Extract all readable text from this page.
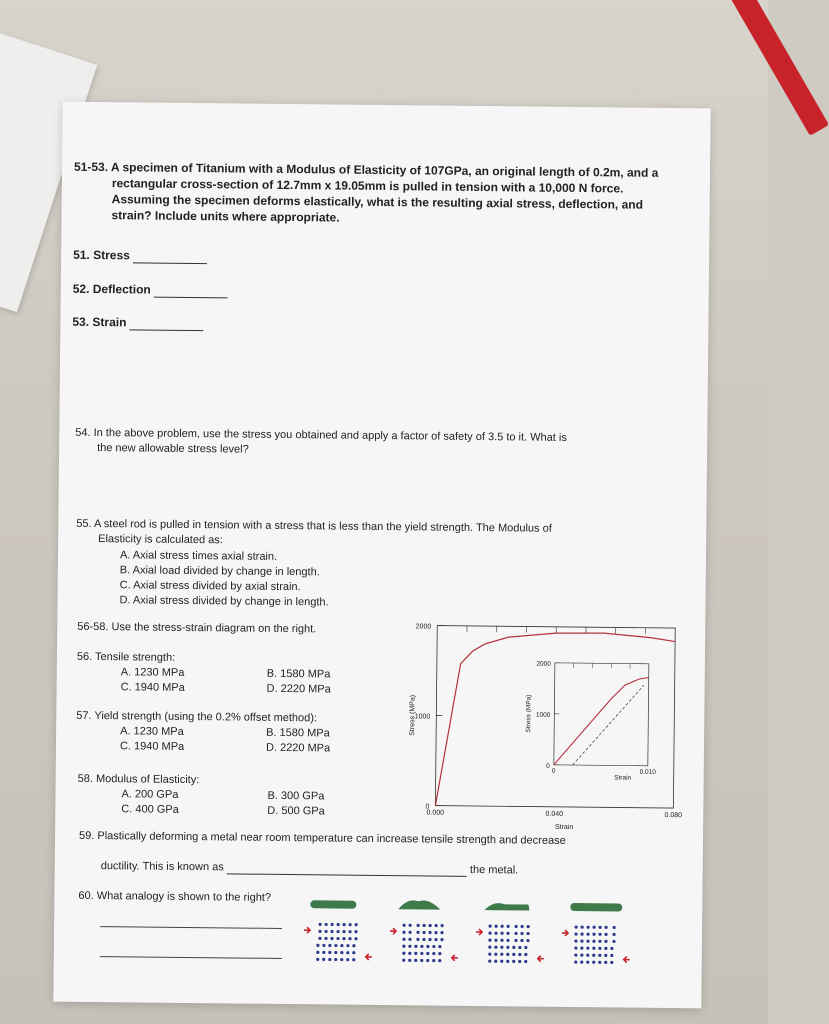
51-53. A specimen of Titanium with a Modulus of Elasticity of 107GPa, an original length of 0.2m, and a
rectangular cross-section of 12.7mm x 19.05mm is pulled in tension with a 10,000 N force.
Assuming the specimen deforms elastically, what is the resulting axial stress, deflection, and
strain? Include units where appropriate.
51. Stress
52. Deflection
53. Strain
54. In the above problem, use the stress you obtained and apply a factor of safety of 3.5 to it. What is
the new allowable stress level?
55. A steel rod is pulled in tension with a stress that is less than the yield strength. The Modulus of
Elasticity is calculated as:
A. Axial stress times axial strain.
B. Axial load divided by change in length.
C. Axial stress divided by axial strain.
D. Axial stress divided by change in length.
56-58. Use the stress-strain diagram on the right.
56. Tensile strength:
A. 1230 MPa	B. 1580 MPa
C. 1940 MPa	D. 2220 MPa
57. Yield strength (using the 0.2% offset method):
A. 1230 MPa	B. 1580 MPa
C. 1940 MPa	D. 2220 MPa
58. Modulus of Elasticity:
A. 200 GPa	B. 300 GPa
C. 400 GPa	D. 500 GPa	0
1000
2000
0.000	0.040	0.080
Strain
Stress (MPa)
0
1000
2000
0	0.010
Strain
Stress (MPa)
59. Plastically deforming a metal near room temperature can increase tensile strength and decrease
ductility. This is known as	the metal.
60. What analogy is shown to the right?
